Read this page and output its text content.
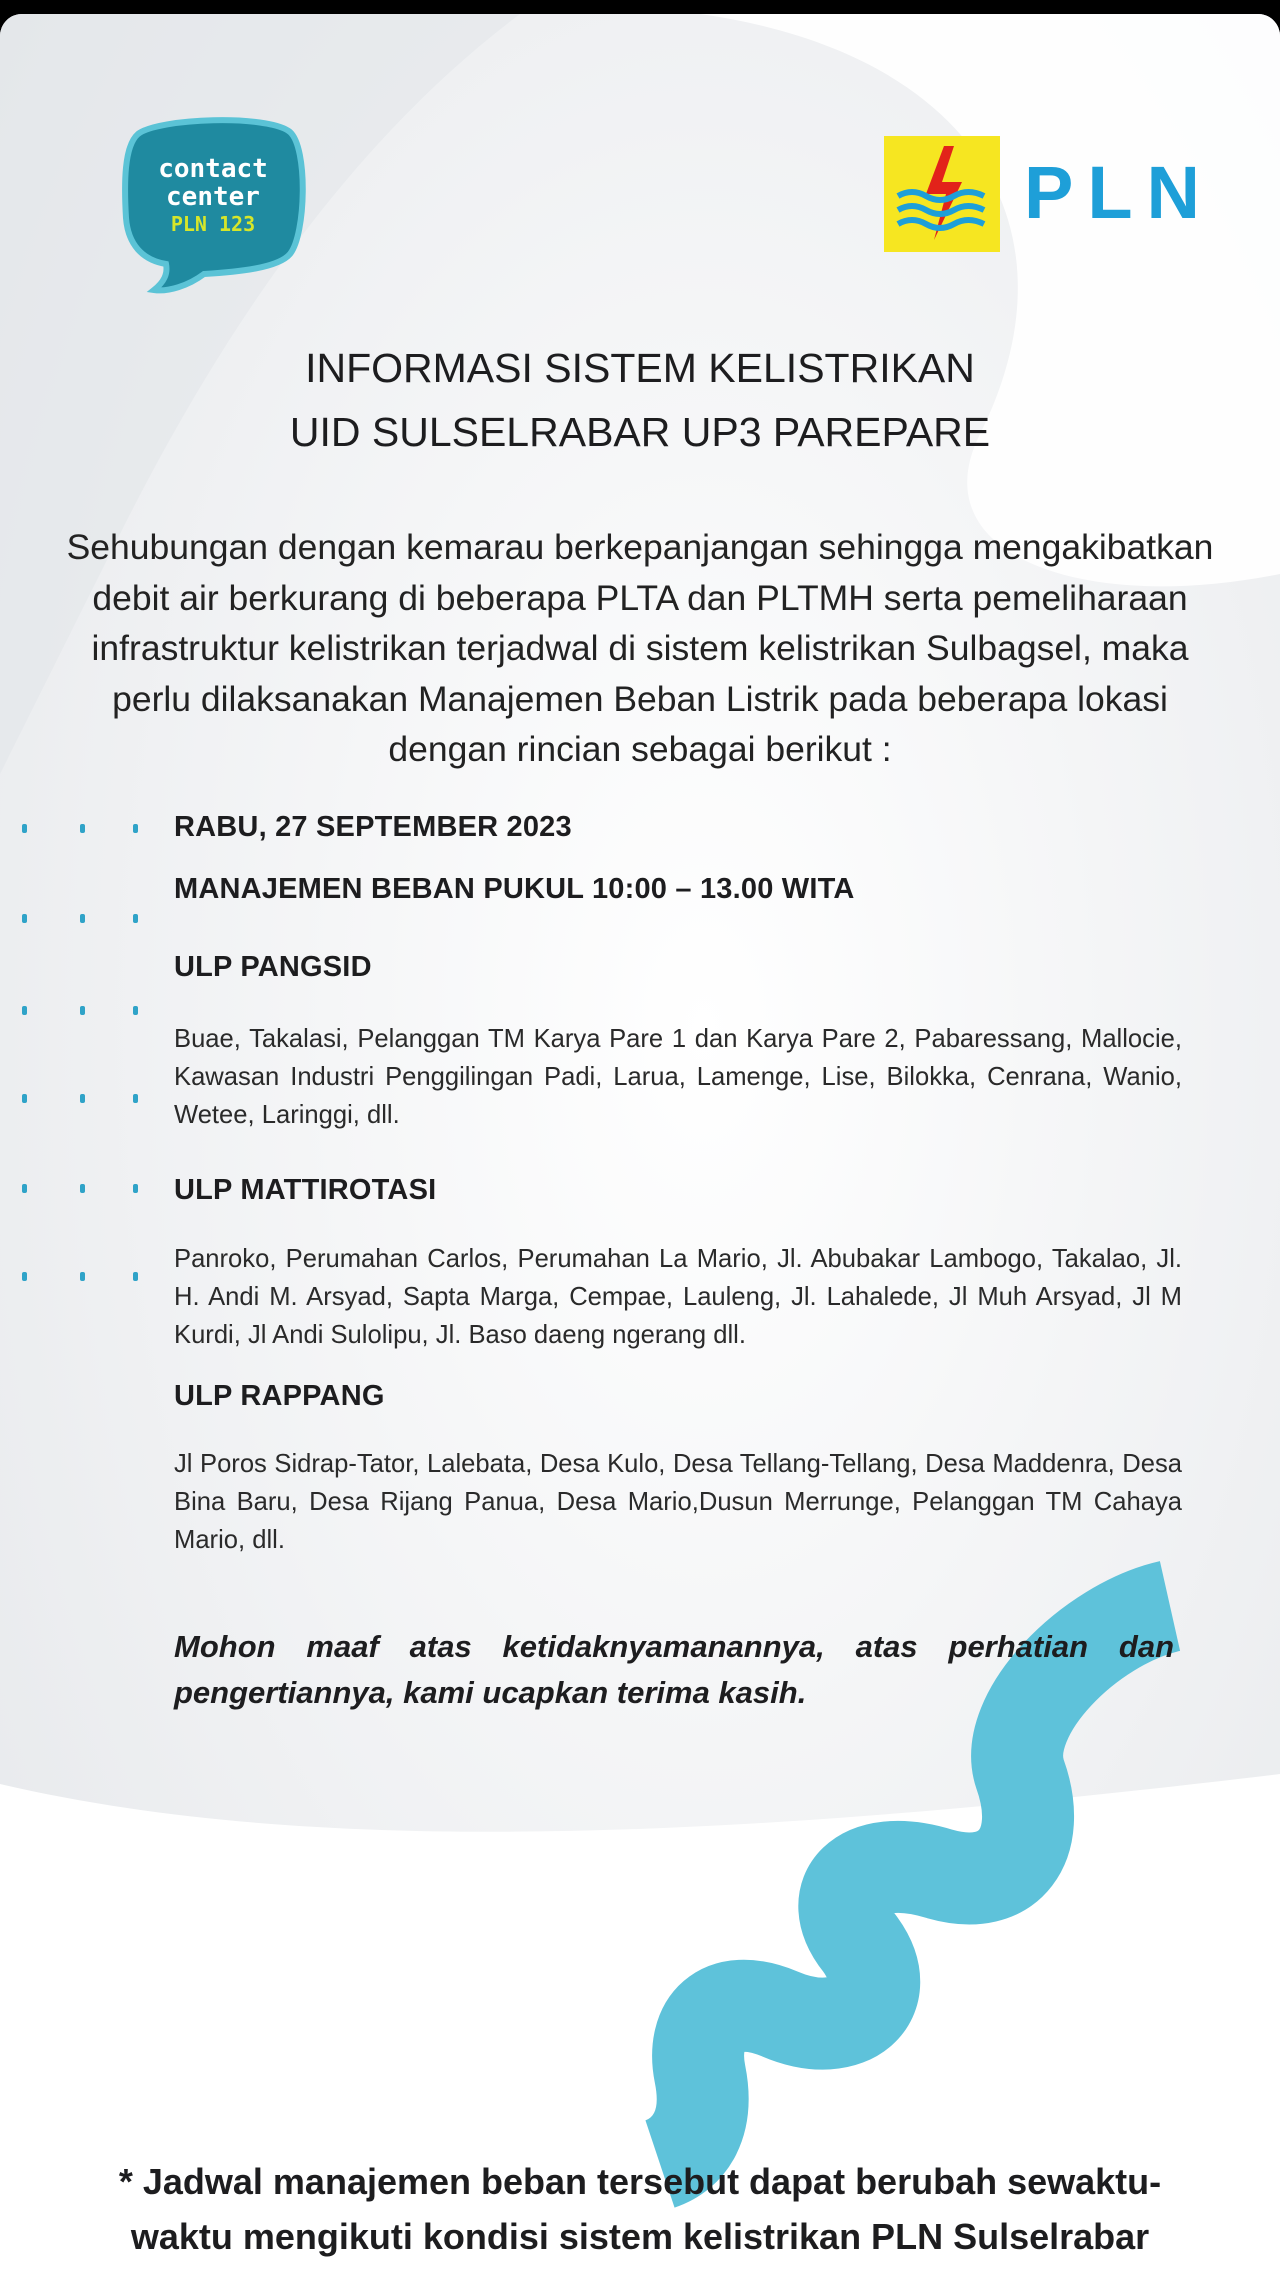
contact
center
PLN 123	PLN
INFORMASI SISTEM KELISTRIKAN
UID SULSELRABAR UP3 PAREPARE
Sehubungan dengan kemarau berkepanjangan sehingga mengakibatkan debit air berkurang di beberapa PLTA dan PLTMH serta pemeliharaan infrastruktur kelistrikan terjadwal di sistem kelistrikan Sulbagsel, maka perlu dilaksanakan Manajemen Beban Listrik pada beberapa lokasi dengan rincian sebagai berikut :
RABU, 27 SEPTEMBER 2023
MANAJEMEN BEBAN PUKUL 10:00 – 13.00 WITA
ULP PANGSID
Buae, Takalasi, Pelanggan TM Karya Pare 1 dan Karya Pare 2, Pabaressang, Mallocie, Kawasan Industri Penggilingan Padi, Larua, Lamenge, Lise, Bilokka, Cenrana, Wanio, Wetee, Laringgi, dll.
ULP MATTIROTASI
Panroko, Perumahan Carlos, Perumahan La Mario, Jl. Abubakar Lambogo, Takalao, Jl. H. Andi M. Arsyad, Sapta Marga, Cempae, Lauleng, Jl. Lahalede, Jl Muh Arsyad, Jl M Kurdi, Jl Andi Sulolipu, Jl. Baso daeng ngerang dll.
ULP RAPPANG
Jl Poros Sidrap-Tator, Lalebata, Desa Kulo, Desa Tellang-Tellang, Desa Maddenra, Desa Bina Baru, Desa Rijang Panua, Desa Mario,Dusun Merrunge, Pelanggan TM Cahaya Mario, dll.
Mohon maaf atas ketidaknyamanannya, atas perhatian dan pengertiannya, kami ucapkan terima kasih.
* Jadwal manajemen beban tersebut dapat berubah sewaktu-
waktu mengikuti kondisi sistem kelistrikan PLN Sulselrabar
